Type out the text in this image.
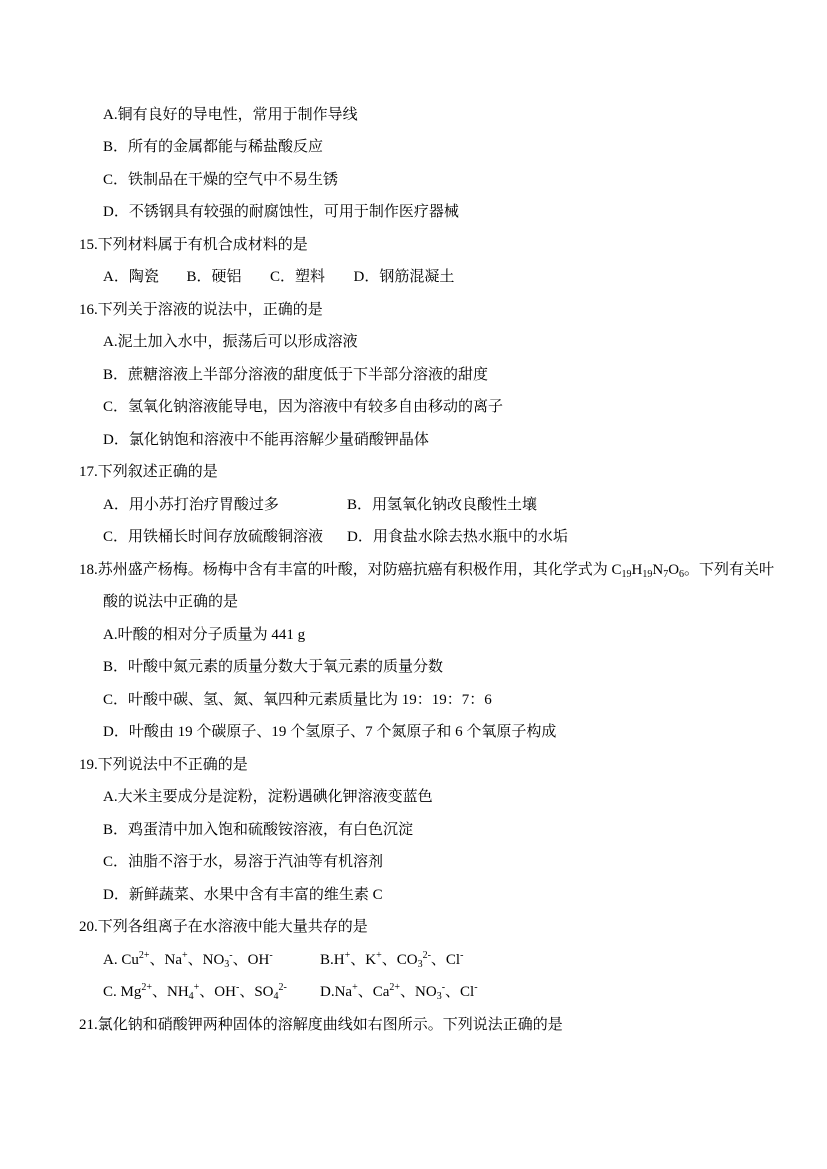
A.铜有良好的导电性，常用于制作导线
B．所有的金属都能与稀盐酸反应
C．铁制品在干燥的空气中不易生锈
D．不锈钢具有较强的耐腐蚀性，可用于制作医疗器械
15.下列材料属于有机合成材料的是
A．陶瓷 B．硬铝 C．塑料 D．钢筋混凝土
16.下列关于溶液的说法中，正确的是
A.泥土加入水中，振荡后可以形成溶液
B．蔗糖溶液上半部分溶液的甜度低于下半部分溶液的甜度
C．氢氧化钠溶液能导电，因为溶液中有较多自由移动的离子
D．氯化钠饱和溶液中不能再溶解少量硝酸钾晶体
17.下列叙述正确的是
A．用小苏打治疗胃酸过多	B．用氢氧化钠改良酸性土壤
C．用铁桶长时间存放硫酸铜溶液 D．用食盐水除去热水瓶中的水垢
18.苏州盛产杨梅。杨梅中含有丰富的叶酸，对防癌抗癌有积极作用，其化学式为 $C_{19}H_{19}N_7O_6$。下列有关叶
酸的说法中正确的是
A.叶酸的相对分子质量为 441 g
B．叶酸中氮元素的质量分数大于氧元素的质量分数
C．叶酸中碳、氢、氮、氧四种元素质量比为 19：19：7：6
D．叶酸由 19 个碳原子、19 个氢原子、7 个氮原子和 6 个氧原子构成
19.下列说法中不正确的是
A.大米主要成分是淀粉，淀粉遇碘化钾溶液变蓝色
B．鸡蛋清中加入饱和硫酸铵溶液，有白色沉淀
C．油脂不溶于水，易溶于汽油等有机溶剂
D．新鲜蔬菜、水果中含有丰富的维生素 C
20.下列各组离子在水溶液中能大量共存的是
A. $Cu^{2+}$、Na+、$NO_3^-$、OH-	B.H+、K+、$CO_3^{2-}$、Cl-
C. $Mg^{2+}$、$NH_4^+$、OH-、$SO_4^{2-}$ D.Na+、$Ca^{2+}$、$NO_3^-$、Cl-
21.氯化钠和硝酸钾两种固体的溶解度曲线如右图所示。下列说法正确的是
